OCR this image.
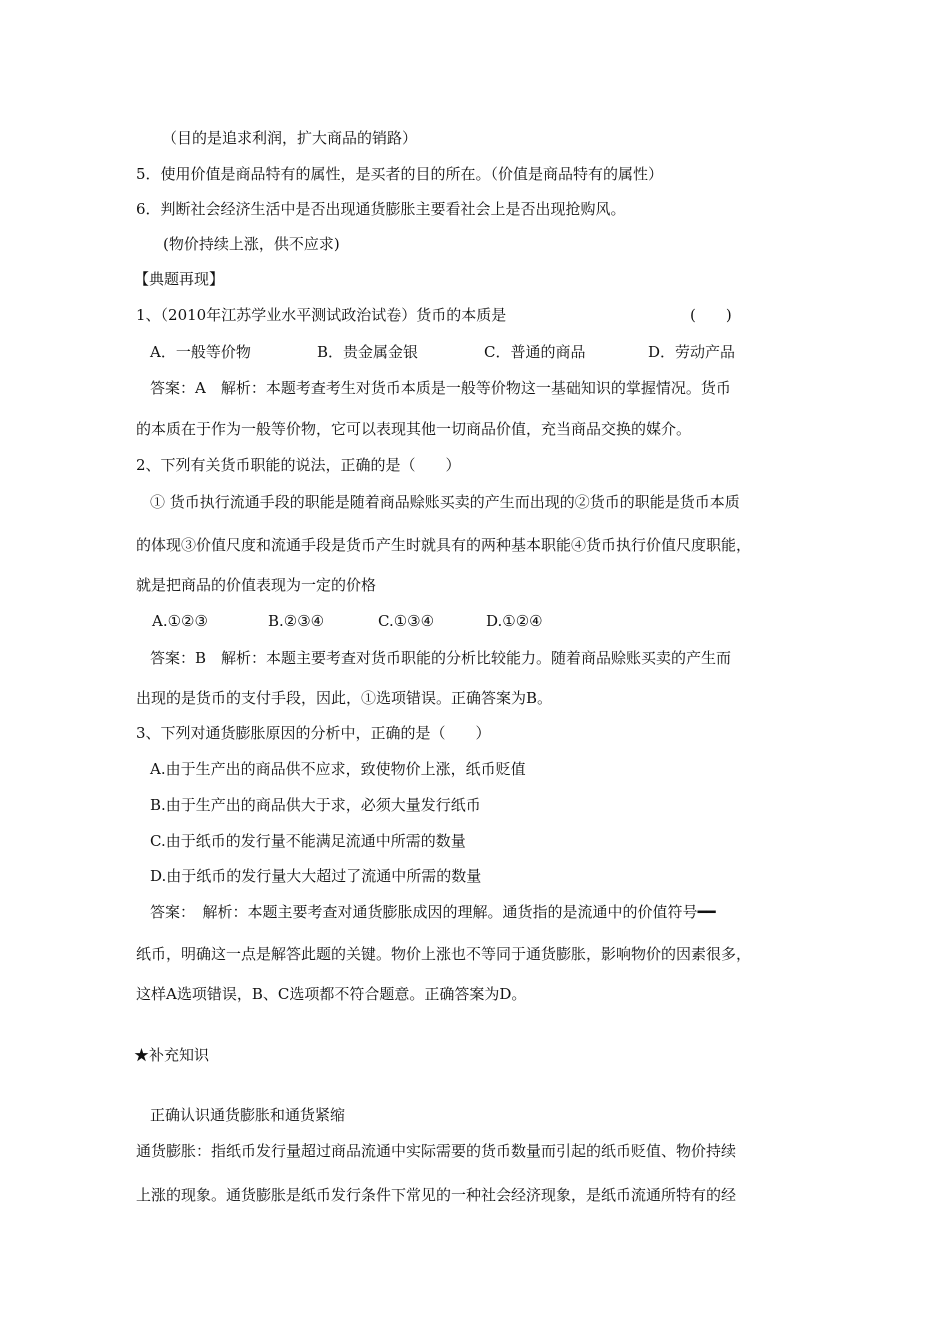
（目的是追求利润，扩大商品的销路）
5．使用价值是商品特有的属性，是买者的目的所在。（价值是商品特有的属性）
6．判断社会经济生活中是否出现通货膨胀主要看社会上是否出现抢购风。
(物价持续上涨，供不应求)
【典题再现】
1、（2010年江苏学业水平测试政治试卷）货币的本质是	(　　)
A．一般等价物	B．贵金属金银	C．普通的商品	D．劳动产品
答案：A　解析：本题考查考生对货币本质是一般等价物这一基础知识的掌握情况。货币
的本质在于作为一般等价物，它可以表现其他一切商品价值，充当商品交换的媒介。
2、下列有关货币职能的说法，正确的是（　　）
① 货币执行流通手段的职能是随着商品赊账买卖的产生而出现的②货币的职能是货币本质
的体现③价值尺度和流通手段是货币产生时就具有的两种基本职能④货币执行价值尺度职能，
就是把商品的价值表现为一定的价格
A.①②③	B.②③④	C.①③④	D.①②④
答案：B　解析：本题主要考查对货币职能的分析比较能力。随着商品赊账买卖的产生而
出现的是货币的支付手段，因此，①选项错误。正确答案为B。
3、下列对通货膨胀原因的分析中，正确的是（　　）
A.由于生产出的商品供不应求，致使物价上涨，纸币贬值
B.由于生产出的商品供大于求，必须大量发行纸币
C.由于纸币的发行量不能满足流通中所需的数量
D.由于纸币的发行量大大超过了流通中所需的数量
答案：　解析：本题主要考查对通货膨胀成因的理解。通货指的是流通中的价值符号━━
纸币，明确这一点是解答此题的关键。物价上涨也不等同于通货膨胀，影响物价的因素很多，
这样A选项错误，B、C选项都不符合题意。正确答案为D。
★补充知识
正确认识通货膨胀和通货紧缩
通货膨胀：指纸币发行量超过商品流通中实际需要的货币数量而引起的纸币贬值、物价持续
上涨的现象。通货膨胀是纸币发行条件下常见的一种社会经济现象，是纸币流通所特有的经
